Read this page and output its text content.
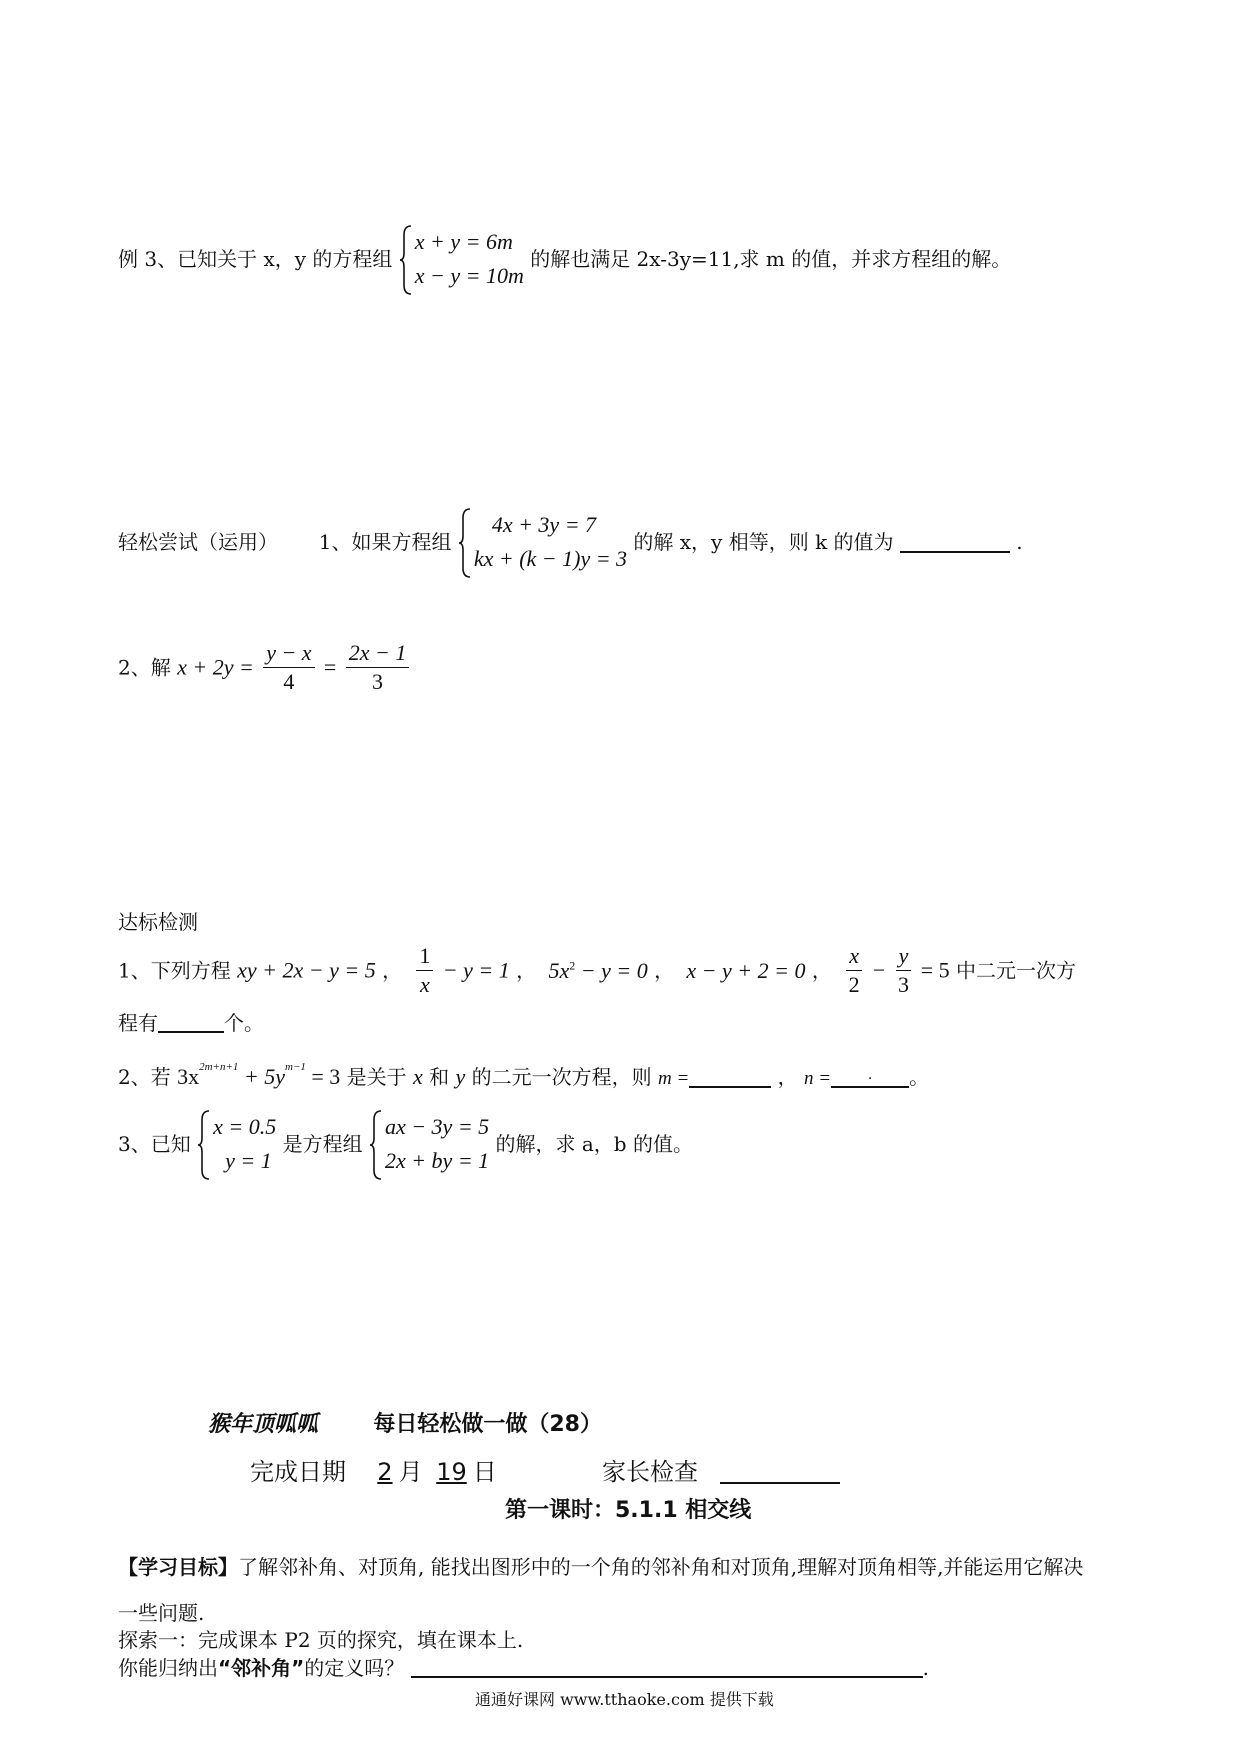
例 3、已知关于 x，y 的方程组
x + y = 6m
x − y = 10m
的解也满足 2x-3y=11,求 m 的值，并求方程组的解。
轻松尝试（运用） 1、如果方程组
4x + 3y = 7
kx + (k − 1)y = 3
的解 x，y 相等，则 k 的值为	.
2、解 $x + 2y = \frac{y - x}{4} = \frac{2x - 1}{3}$
达标检测
1、下列方程 xy + 2x − y = 5 ， $\frac{1}{x} - y = 1$ ， $5x^2 - y = 0$ ， x − y + 2 = 0 ， $\frac{x}{2} - \frac{y}{3} = 5$ 中二元一次方
程有	个。
2、若 $3x^{2m+n+1} + 5y^{m-1} = 3$ 是关于 x 和 y 的二元一次方程，则 m =	， n =	. 。
3、已知
x = 0.5
y = 1
是方程组
ax − 3y = 5
2x + by = 1
的解，求 a，b 的值。
猴年顶呱呱	每日轻松做一做（28）
完成日期 2 月 19 日	家长检查
第一课时：5.1.1 相交线
【学习目标】了解邻补角、对顶角, 能找出图形中的一个角的邻补角和对顶角,理解对顶角相等,并能运用它解决
一些问题.
探索一：完成课本 P2 页的探究，填在课本上.
你能归纳出“邻补角”的定义吗？	.
通通好课网 www.tthaoke.com 提供下载
